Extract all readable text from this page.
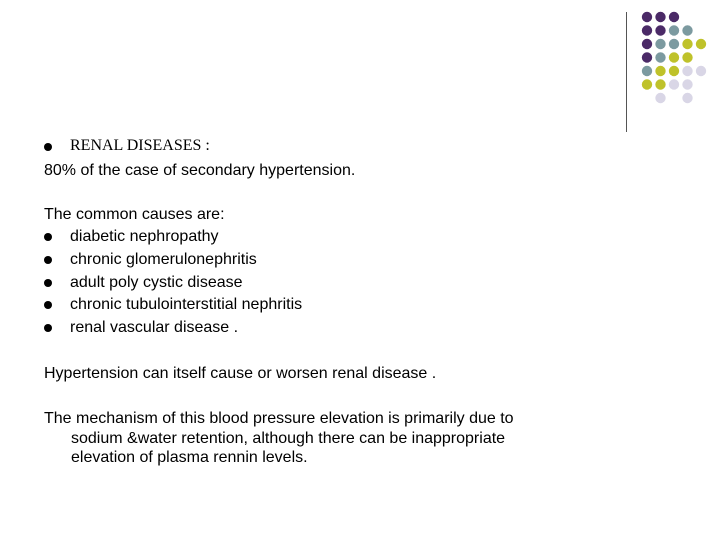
RENAL DISEASES :
80% of the case of secondary hypertension.
The common causes are:
diabetic nephropathy
chronic glomerulonephritis
adult poly cystic disease
chronic tubulointerstitial nephritis
renal vascular disease .
Hypertension can itself cause or worsen renal disease .
The mechanism of this blood pressure elevation is primarily due to
sodium &water retention, although there can be inappropriate
elevation of plasma rennin levels.
